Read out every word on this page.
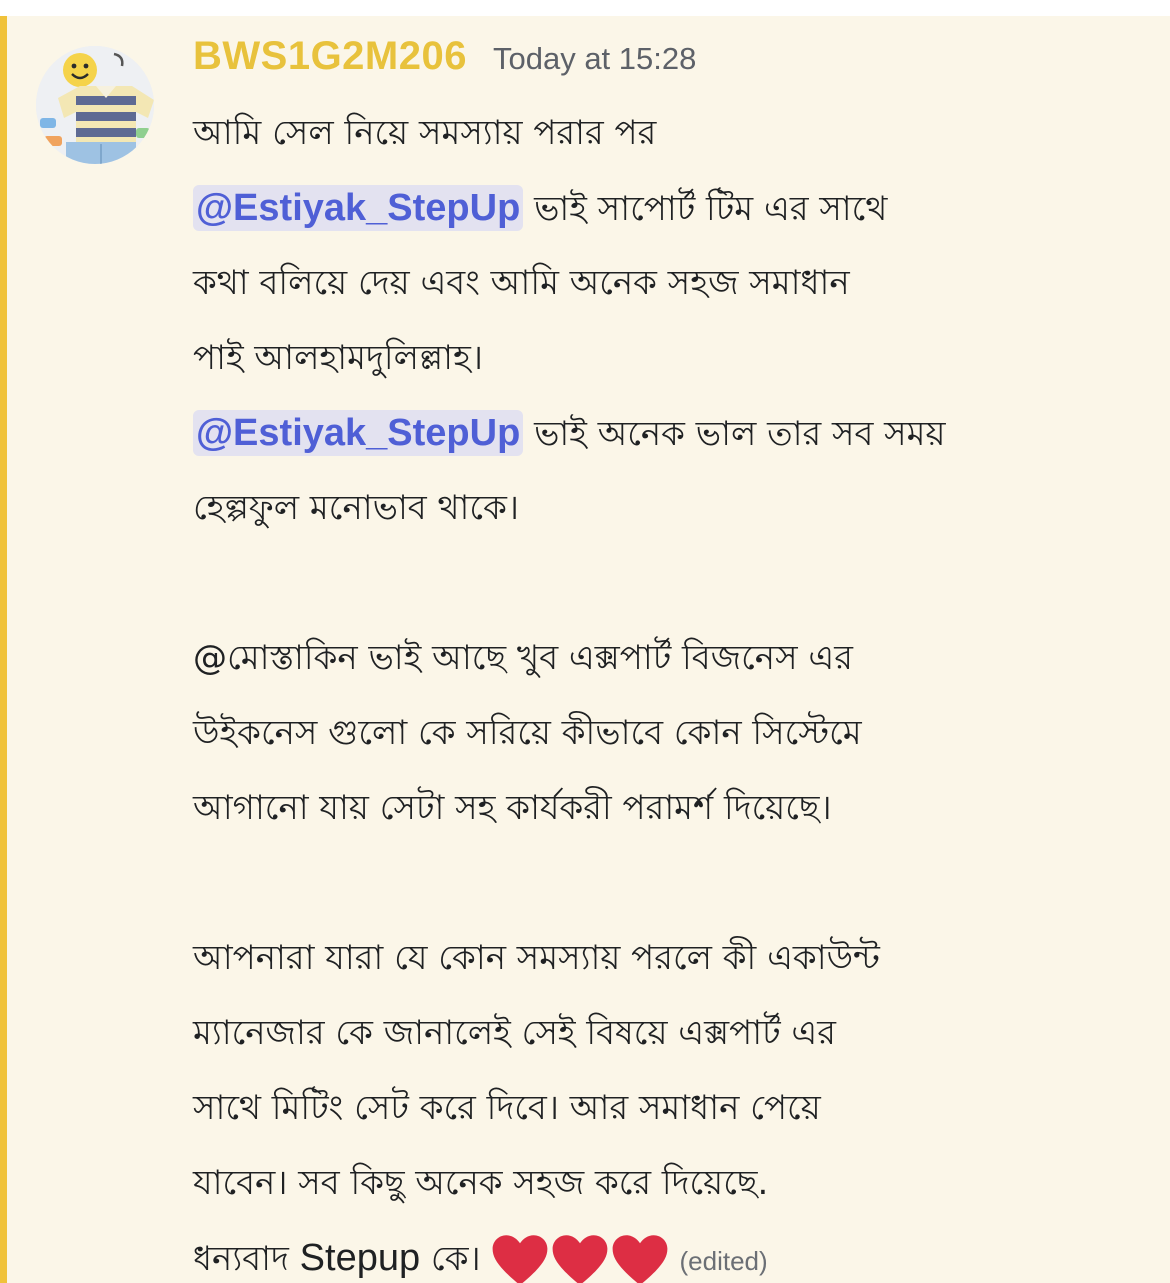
BWS1G2M206 Today at 15:28
আমি সেল নিয়ে সমস্যায় পরার পর
@Estiyak_StepUp ভাই সাপোর্ট টিম এর সাথে
কথা বলিয়ে দেয় এবং আমি অনেক সহজ সমাধান
পাই আলহামদুলিল্লাহ।
@Estiyak_StepUp ভাই অনেক ভাল তার সব সময়
হেল্পফুল মনোভাব থাকে।
@মোস্তাকিন ভাই আছে খুব এক্সপার্ট বিজনেস এর
উইকনেস গুলো কে সরিয়ে কীভাবে কোন সিস্টেমে
আগানো যায় সেটা সহ কার্যকরী পরামর্শ দিয়েছে।
আপনারা যারা যে কোন সমস্যায় পরলে কী একাউন্ট
ম্যানেজার কে জানালেই সেই বিষয়ে এক্সপার্ট এর
সাথে মিটিং সেট করে দিবে। আর সমাধান পেয়ে
যাবেন। সব কিছু অনেক সহজ করে দিয়েছে.
ধন্যবাদ Stepup কে।	(edited)
